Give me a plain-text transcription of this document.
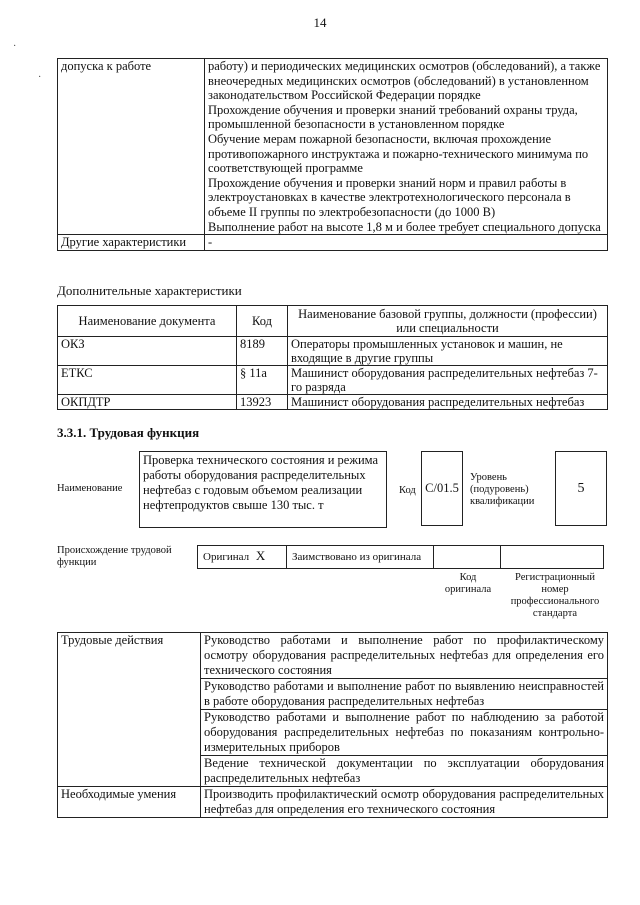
14
·
·
допуска к работе	работу) и периодических медицинских осмотров (обследований), а также внеочередных медицинских осмотров (обследований) в установленном законодательством Российской Федерации порядке
Прохождение обучения и проверки знаний требований охраны труда, промышленной безопасности в установленном порядке
Обучение мерам пожарной безопасности, включая прохождение противопожарного инструктажа и пожарно-технического минимума по соответствующей программе
Прохождение обучения и проверки знаний норм и правил работы в электроустановках в качестве электротехнологического персонала в объеме II группы по электробезопасности (до 1000 В)
Выполнение работ на высоте 1,8 м и более требует специального допуска

Другие характеристики	-
Дополнительные характеристики
Наименование документа	Код	Наименование базовой группы, должности (профессии) или специальности
ОКЗ	8189	Операторы промышленных установок и машин, не входящие в другие группы
ЕТКС	§ 11а	Машинист оборудования распределительных нефтебаз 7-го разряда
ОКПДТР	13923	Машинист оборудования распределительных нефтебаз
3.3.1. Трудовая функция
Наименование
Проверка технического состояния и режима работы оборудования распределительных нефтебаз с годовым объемом реализации нефтепродуктов свыше 130 тыс. т
Код С/01.5
Уровень (подуровень) квалификации
5
Происхождение трудовой функции	Оригинал X	Заимствовано из оригинала		
Код оригинала
Регистрационный номер профессионального стандарта
Трудовые действия	Руководство работами и выполнение работ по профилактическому осмотру оборудования распределительных нефтебаз для определения его технического состояния
	Руководство работами и выполнение работ по выявлению неисправностей в работе оборудования распределительных нефтебаз
	Руководство работами и выполнение работ по наблюдению за работой оборудования распределительных нефтебаз по показаниям контрольно-измерительных приборов
	Ведение технической документации по эксплуатации оборудования распределительных нефтебаз
Необходимые умения	Производить профилактический осмотр оборудования распределительных нефтебаз для определения его технического состояния
